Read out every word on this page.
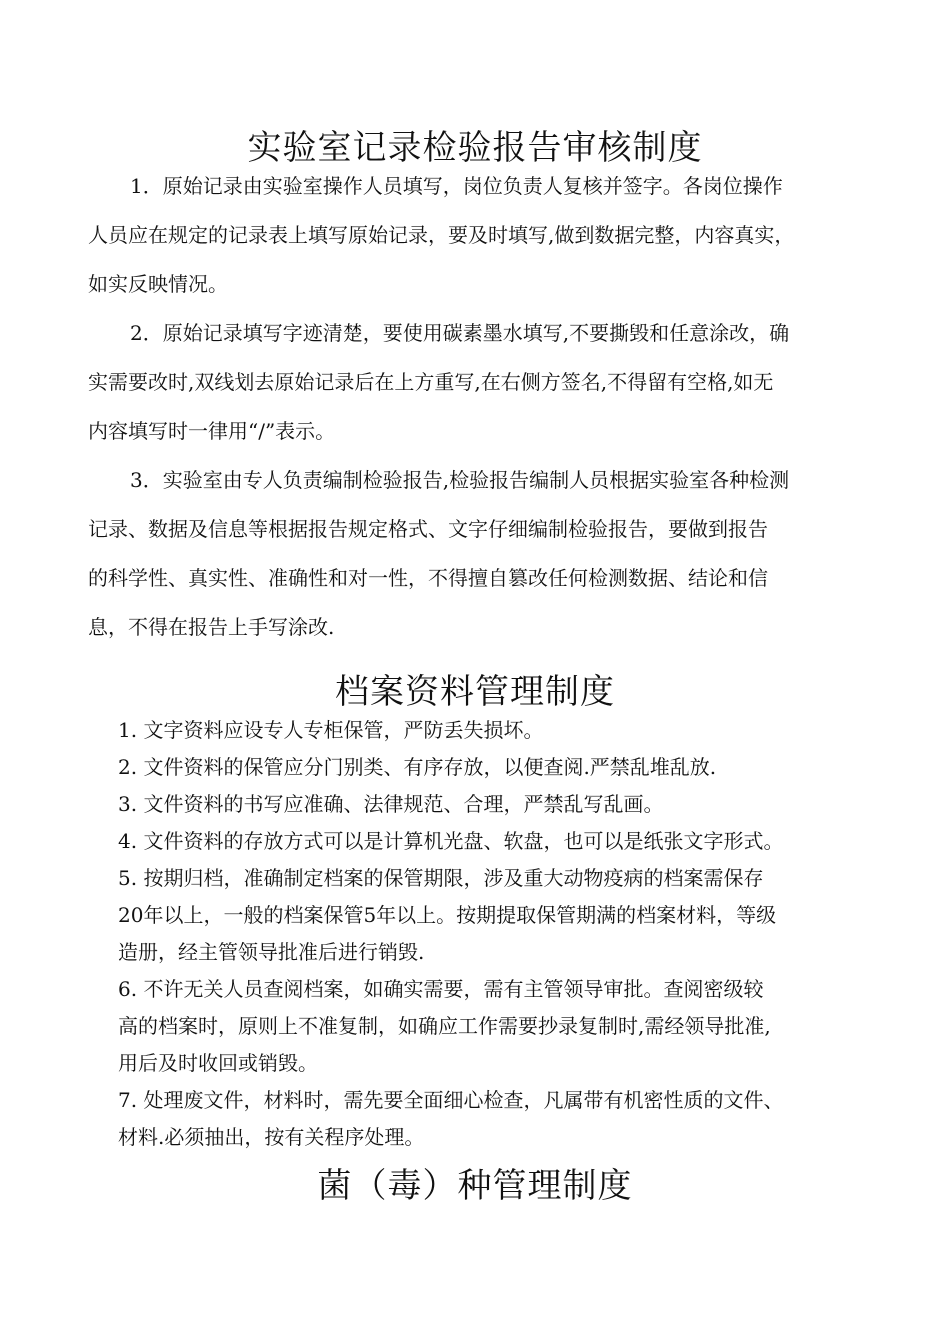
实验室记录检验报告审核制度

1．原始记录由实验室操作人员填写，岗位负责人复核并签字。各岗位操作

人员应在规定的记录表上填写原始记录，要及时填写,做到数据完整，内容真实，

如实反映情况。

2．原始记录填写字迹清楚，要使用碳素墨水填写,不要撕毁和任意涂改，确

实需要改时,双线划去原始记录后在上方重写,在右侧方签名,不得留有空格,如无

内容填写时一律用“/”表示。

3．实验室由专人负责编制检验报告,检验报告编制人员根据实验室各种检测

记录、数据及信息等根据报告规定格式、文字仔细编制检验报告，要做到报告

的科学性、真实性、准确性和对一性，不得擅自篡改任何检测数据、结论和信

息，不得在报告上手写涂改.

档案资料管理制度

1. 文字资料应设专人专柜保管，严防丢失损坏。

2. 文件资料的保管应分门别类、有序存放，以便查阅.严禁乱堆乱放.

3. 文件资料的书写应准确、法律规范、合理，严禁乱写乱画。

4. 文件资料的存放方式可以是计算机光盘、软盘，也可以是纸张文字形式。

5. 按期归档，准确制定档案的保管期限，涉及重大动物疫病的档案需保存

20年以上，一般的档案保管5年以上。按期提取保管期满的档案材料，等级

造册，经主管领导批准后进行销毁.

6. 不许无关人员查阅档案，如确实需要，需有主管领导审批。查阅密级较

高的档案时，原则上不准复制，如确应工作需要抄录复制时,需经领导批准,

用后及时收回或销毁。

7. 处理废文件，材料时，需先要全面细心检查，凡属带有机密性质的文件、

材料.必须抽出，按有关程序处理。

菌（毒）种管理制度
